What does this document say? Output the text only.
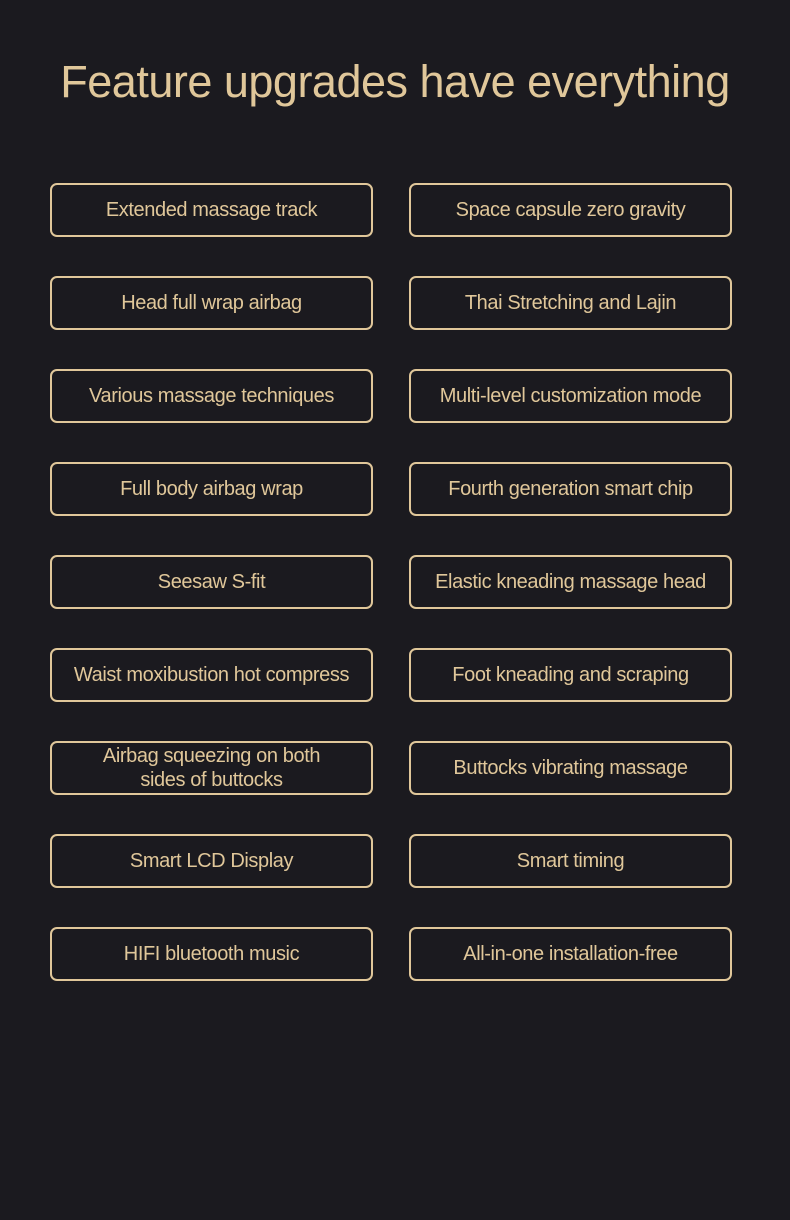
Feature upgrades have everything
Extended massage track	Space capsule zero gravity
Head full wrap airbag	Thai Stretching and Lajin
Various massage techniques	Multi-level customization mode
Full body airbag wrap	Fourth generation smart chip
Seesaw S-fit	Elastic kneading massage head
Waist moxibustion hot compress	Foot kneading and scraping
Airbag squeezing on both sides of buttocks
Buttocks vibrating massage
Smart LCD Display	Smart timing
HIFI bluetooth music	All-in-one installation-free
